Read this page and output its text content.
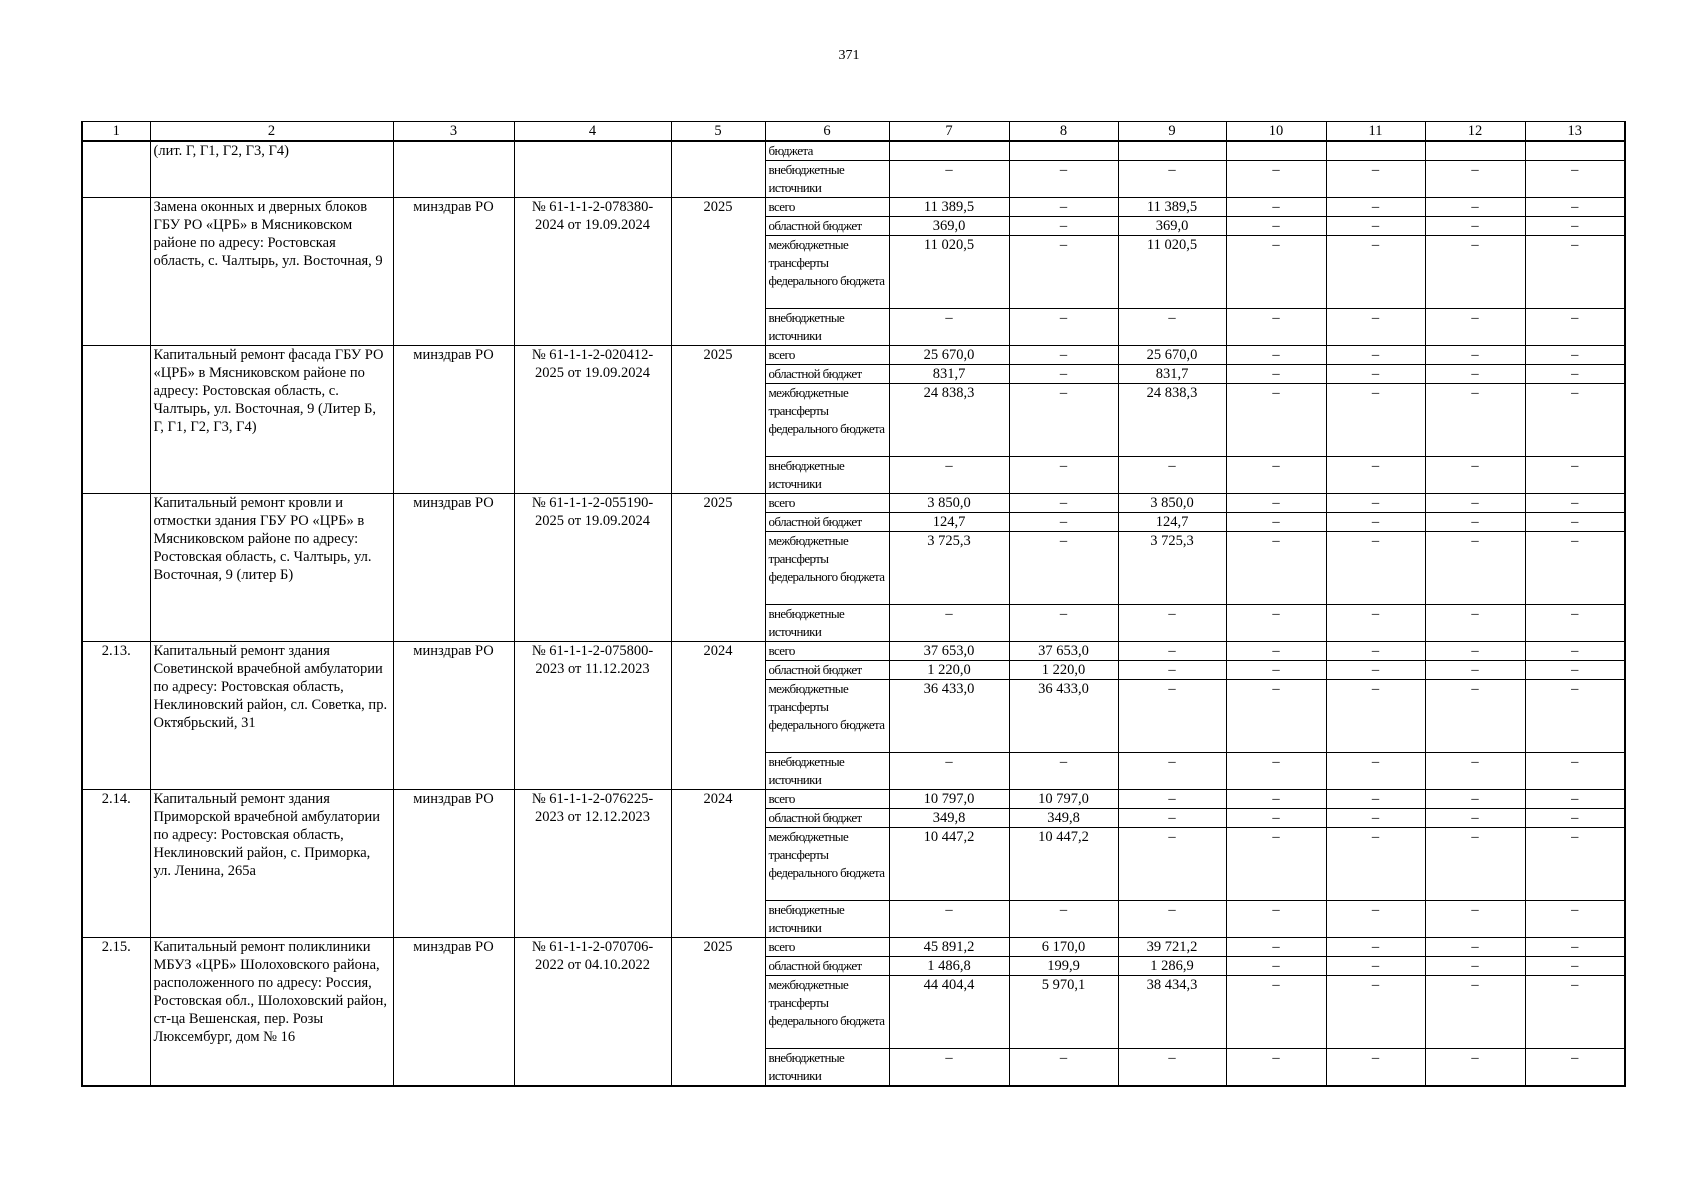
371
1	2	3	4	5	6	7	8	9	10	11	12	13
	(лит. Г, Г1, Г2, Г3, Г4)				бюджета							
					внебюджетные источники	–	–	–	–	–	–	–
	Замена оконных и дверных блоков ГБУ РО «ЦРБ» в Мясниковском районе по адресу: Ростовская область, с. Чалтырь, ул. Восточная, 9	минздрав РО	№ 61-1-1-2-078380-2024 от 19.09.2024	2025	всего	11 389,5	–	11 389,5	–	–	–	–
					областной бюджет	369,0	–	369,0	–	–	–	–
					межбюджетные трансферты федерального бюджета	11 020,5	–	11 020,5	–	–	–	–
					внебюджетные источники	–	–	–	–	–	–	–
	Капитальный ремонт фасада ГБУ РО «ЦРБ» в Мясниковском районе по адресу: Ростовская область, с. Чалтырь, ул. Восточная, 9 (Литер Б, Г, Г1, Г2, Г3, Г4)	минздрав РО	№ 61-1-1-2-020412-2025 от 19.09.2024	2025	всего	25 670,0	–	25 670,0	–	–	–	–
					областной бюджет	831,7	–	831,7	–	–	–	–
					межбюджетные трансферты федерального бюджета	24 838,3	–	24 838,3	–	–	–	–
					внебюджетные источники	–	–	–	–	–	–	–
	Капитальный ремонт кровли и отмостки здания ГБУ РО «ЦРБ» в Мясниковском районе по адресу: Ростовская область, с. Чалтырь, ул. Восточная, 9 (литер Б)	минздрав РО	№ 61-1-1-2-055190-2025 от 19.09.2024	2025	всего	3 850,0	–	3 850,0	–	–	–	–
					областной бюджет	124,7	–	124,7	–	–	–	–
					межбюджетные трансферты федерального бюджета	3 725,3	–	3 725,3	–	–	–	–
					внебюджетные источники	–	–	–	–	–	–	–
2.13.	Капитальный ремонт здания Советинской врачебной амбулатории по адресу: Ростовская область, Неклиновский район, сл. Советка, пр. Октябрьский, 31	минздрав РО	№ 61-1-1-2-075800-2023 от 11.12.2023	2024	всего	37 653,0	37 653,0	–	–	–	–	–
					областной бюджет	1 220,0	1 220,0	–	–	–	–	–
					межбюджетные трансферты федерального бюджета	36 433,0	36 433,0	–	–	–	–	–
					внебюджетные источники	–	–	–	–	–	–	–
2.14.	Капитальный ремонт здания Приморской врачебной амбулатории по адресу: Ростовская область, Неклиновский район, с. Приморка, ул. Ленина, 265а	минздрав РО	№ 61-1-1-2-076225-2023 от 12.12.2023	2024	всего	10 797,0	10 797,0	–	–	–	–	–
					областной бюджет	349,8	349,8	–	–	–	–	–
					межбюджетные трансферты федерального бюджета	10 447,2	10 447,2	–	–	–	–	–
					внебюджетные источники	–	–	–	–	–	–	–
2.15.	Капитальный ремонт поликлиники МБУЗ «ЦРБ» Шолоховского района, расположенного по адресу: Россия, Ростовская обл., Шолоховский район, ст-ца Вешенская, пер. Розы Люксембург, дом № 16	минздрав РО	№ 61-1-1-2-070706-2022 от 04.10.2022	2025	всего	45 891,2	6 170,0	39 721,2	–	–	–	–
					областной бюджет	1 486,8	199,9	1 286,9	–	–	–	–
					межбюджетные трансферты федерального бюджета	44 404,4	5 970,1	38 434,3	–	–	–	–
					внебюджетные источники	–	–	–	–	–	–	–
